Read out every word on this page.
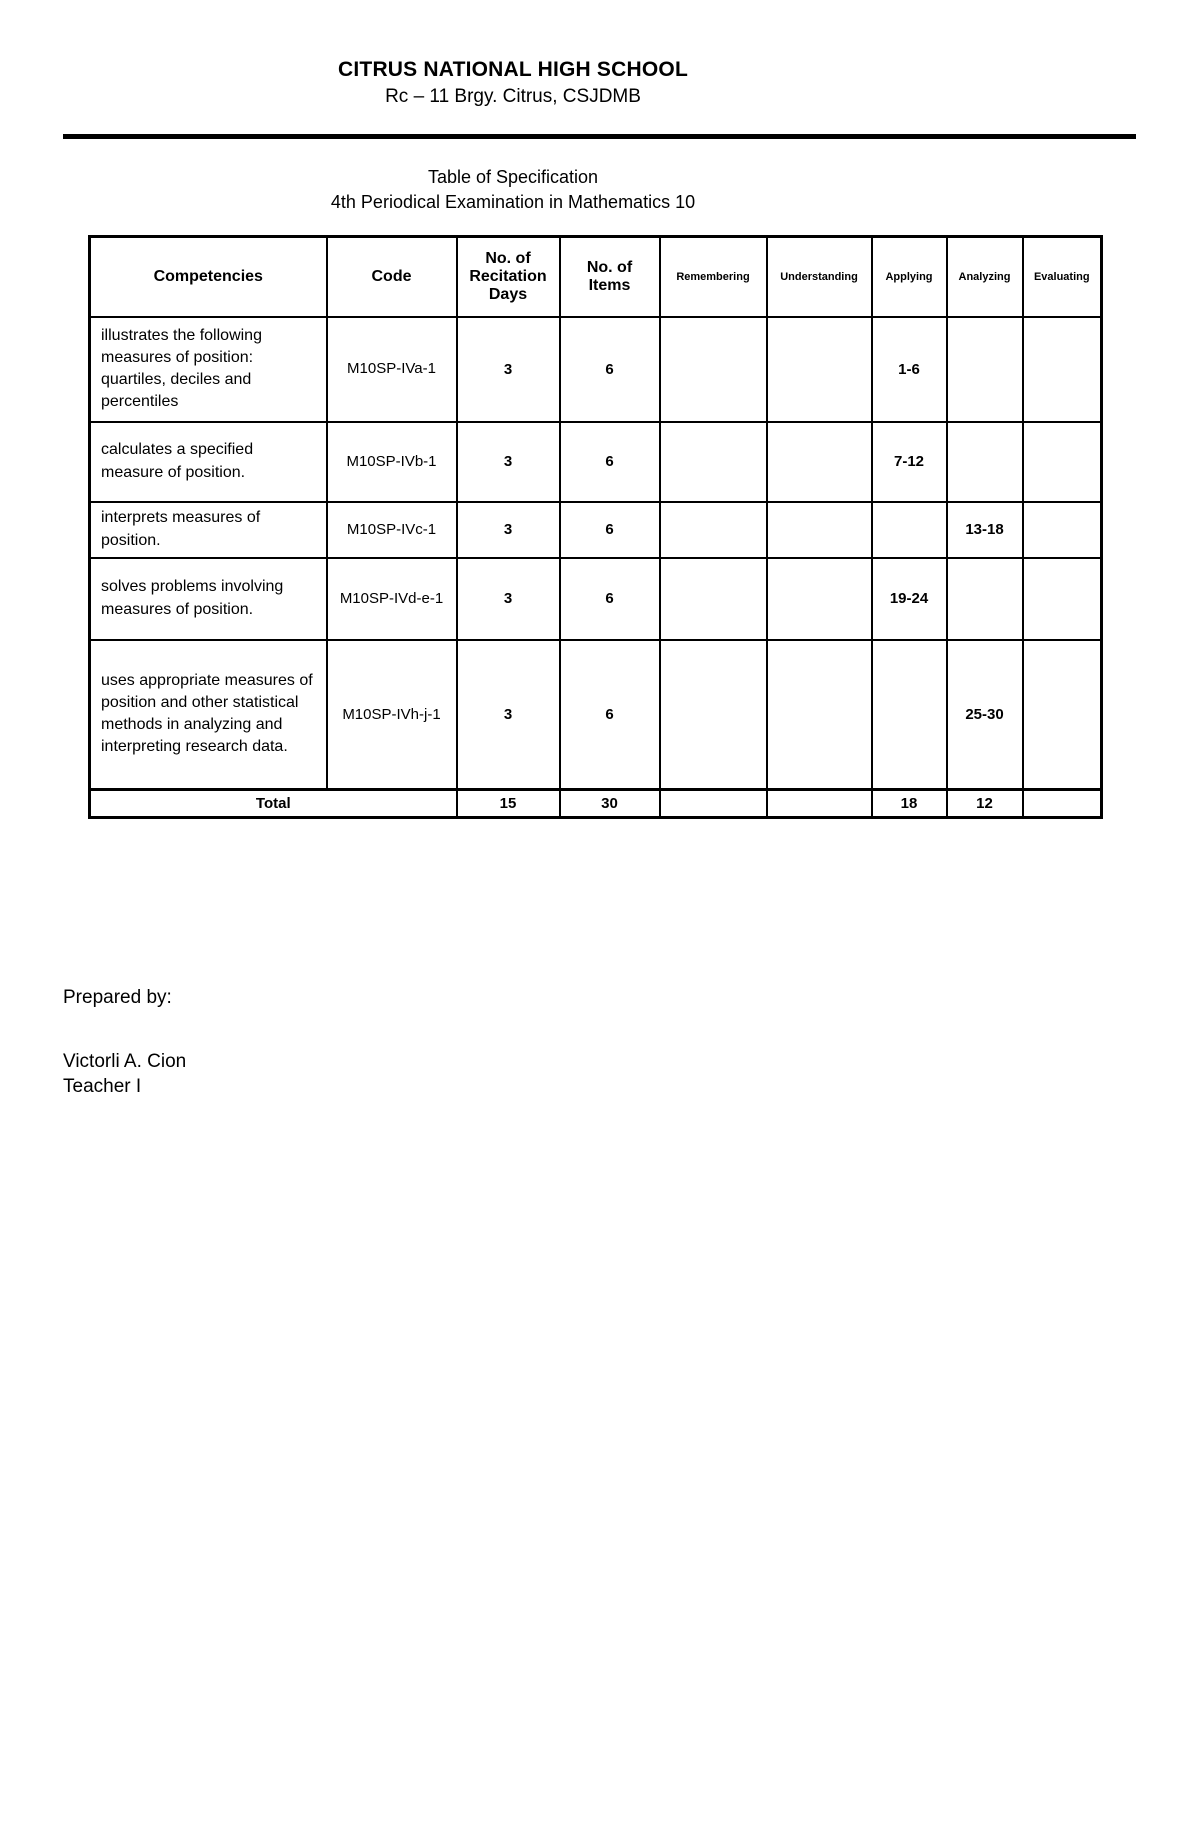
CITRUS NATIONAL HIGH SCHOOL
Rc – 11 Brgy. Citrus, CSJDMB
Table of Specification
4th Periodical Examination in Mathematics 10
Competencies	Code	No. of Recitation Days	No. of Items	Remembering	Understanding	Applying	Analyzing	Evaluating
illustrates the following measures of position: quartiles, deciles and percentiles	M10SP-IVa-1	3	6			1-6		
calculates a specified measure of position.	M10SP-IVb-1	3	6			7-12		
interprets measures of position.	M10SP-IVc-1	3	6				13-18	
solves problems involving measures of position.	M10SP-IVd-e-1	3	6			19-24		
uses appropriate measures of position and other statistical methods in analyzing and interpreting research data.	M10SP-IVh-j-1	3	6				25-30	
Total		15	30			18	12	
Prepared by:
Victorli A. Cion
Teacher I
